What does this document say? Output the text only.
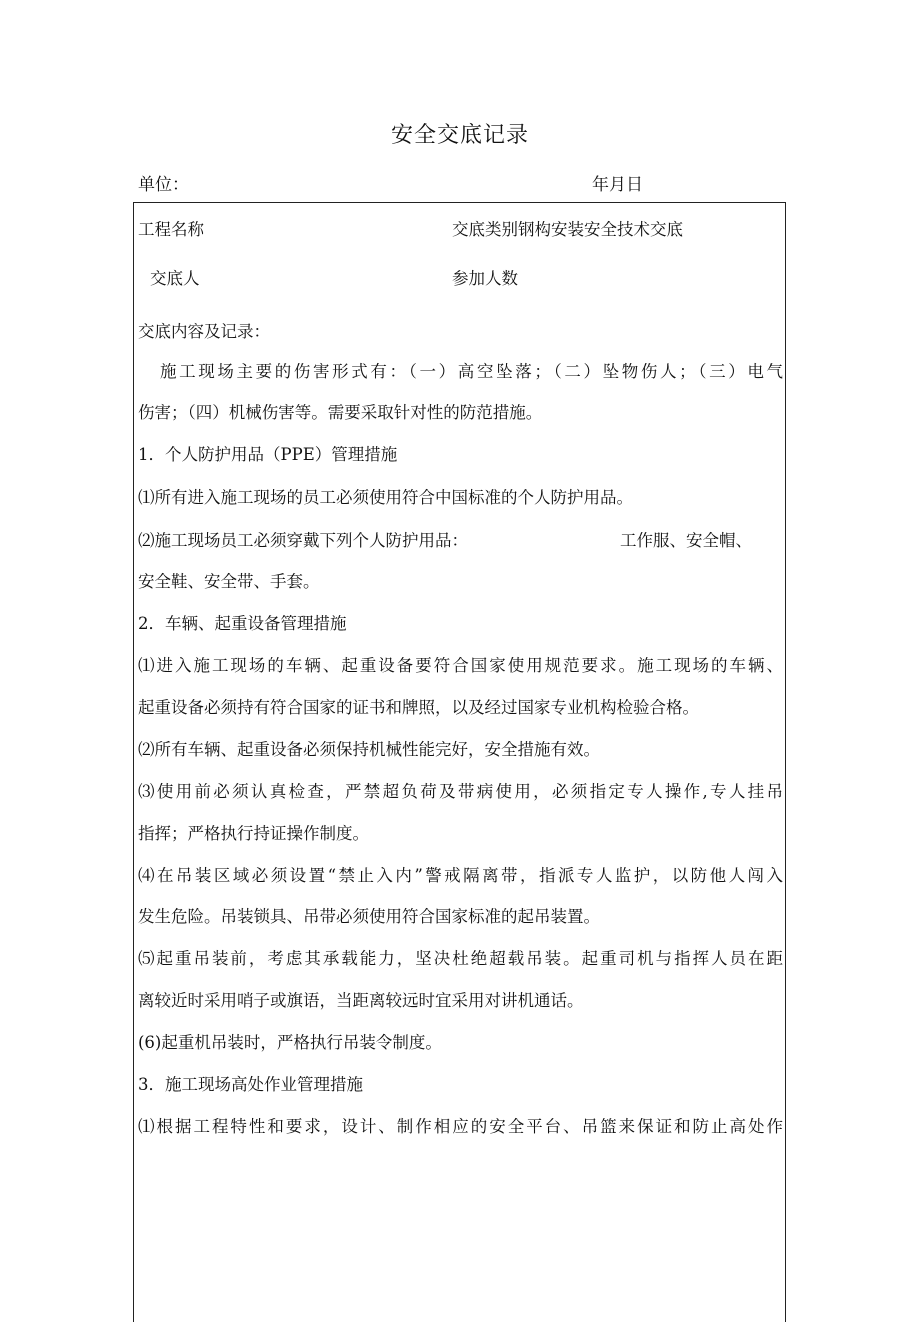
安全交底记录
单位：	年月日
工程名称	交底类别钢构安装安全技术交底
交底人	参加人数
交底内容及记录：
施工现场主要的伤害形式有：（一）高空坠落；（二）坠物伤人；（三）电气
伤害；（四）机械伤害等。需要采取针对性的防范措施。
1．个人防护用品（PPE）管理措施
⑴所有进入施工现场的员工必须使用符合中国标准的个人防护用品。
⑵施工现场员工必须穿戴下列个人防护用品：	工作服、安全帽、
安全鞋、安全带、手套。
2．车辆、起重设备管理措施
⑴进入施工现场的车辆、起重设备要符合国家使用规范要求。施工现场的车辆、
起重设备必须持有符合国家的证书和牌照，以及经过国家专业机构检验合格。
⑵所有车辆、起重设备必须保持机械性能完好，安全措施有效。
⑶使用前必须认真检查，严禁超负荷及带病使用，必须指定专人操作,专人挂吊
指挥；严格执行持证操作制度。
⑷在吊装区域必须设置“禁止入内”警戒隔离带，指派专人监护，以防他人闯入
发生危险。吊装锁具、吊带必须使用符合国家标准的起吊装置。
⑸起重吊装前，考虑其承载能力，坚决杜绝超载吊装。起重司机与指挥人员在距
离较近时采用哨子或旗语，当距离较远时宜采用对讲机通话。
(6)起重机吊装时，严格执行吊装令制度。
3．施工现场高处作业管理措施
⑴根据工程特性和要求，设计、制作相应的安全平台、吊篮来保证和防止高处作
